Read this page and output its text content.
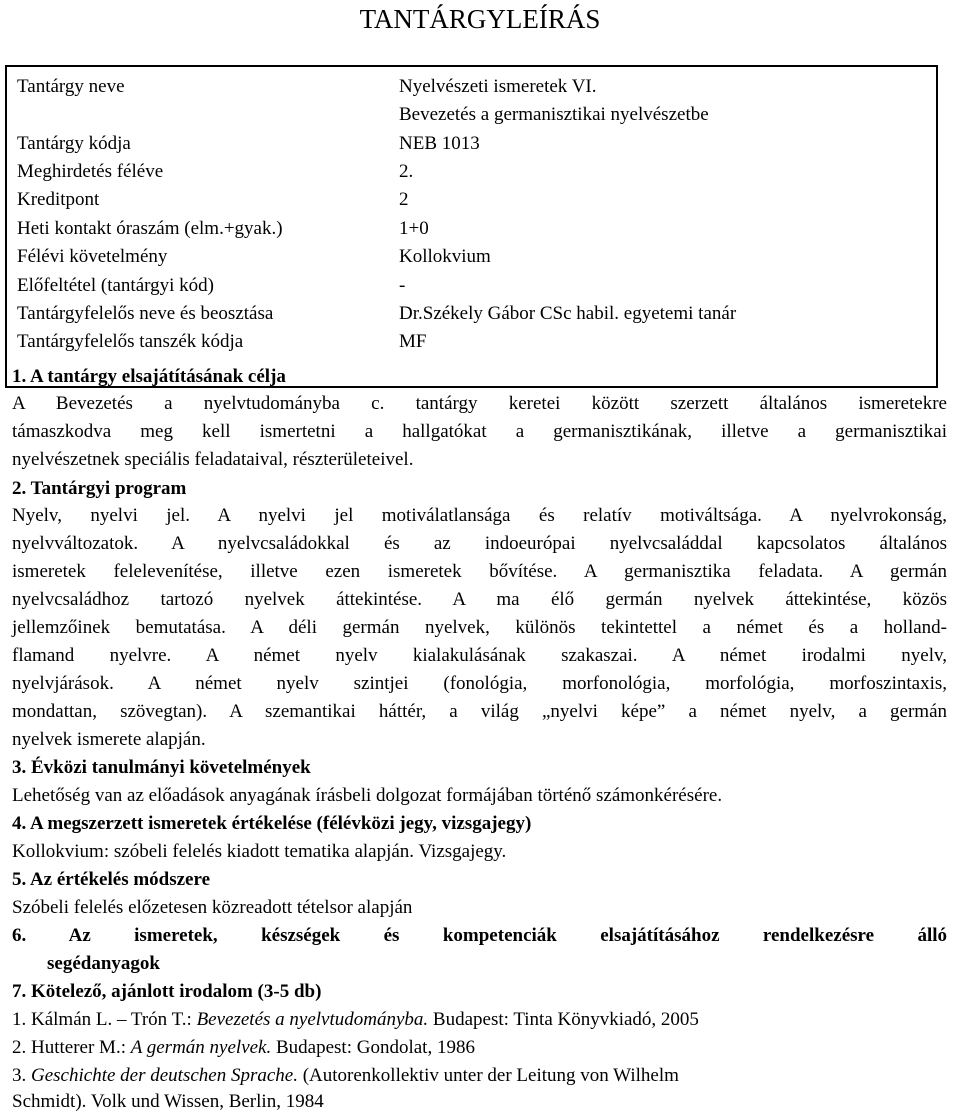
TANTÁRGYLEÍRÁS
Tantárgy neve	Nyelvészeti ismeretek VI.
Bevezetés a germanisztikai nyelvészetbe
Tantárgy kódja	NEB 1013
Meghirdetés féléve	2.
Kreditpont	2
Heti kontakt óraszám (elm.+gyak.)	1+0
Félévi követelmény	Kollokvium
Előfeltétel (tantárgyi kód)	-
Tantárgyfelelős neve és beosztása	Dr.Székely Gábor CSc habil. egyetemi tanár
Tantárgyfelelős tanszék kódja	MF
1. A tantárgy elsajátításának célja
A Bevezetés a nyelvtudományba c. tantárgy keretei között szerzett általános ismeretekre
támaszkodva meg kell ismertetni a hallgatókat a germanisztikának, illetve a germanisztikai
nyelvészetnek speciális feladataival, részterületeivel.
2. Tantárgyi program
Nyelv, nyelvi jel. A nyelvi jel motiválatlansága és relatív motiváltsága. A nyelvrokonság,
nyelvváltozatok. A nyelvcsaládokkal és az indoeurópai nyelvcsaláddal kapcsolatos általános
ismeretek felelevenítése, illetve ezen ismeretek bővítése. A germanisztika feladata. A germán
nyelvcsaládhoz tartozó nyelvek áttekintése. A ma élő germán nyelvek áttekintése, közös
jellemzőinek bemutatása. A déli germán nyelvek, különös tekintettel a német és a holland-
flamand nyelvre. A német nyelv kialakulásának szakaszai. A német irodalmi nyelv,
nyelvjárások. A német nyelv szintjei (fonológia, morfonológia, morfológia, morfoszintaxis,
mondattan, szövegtan). A szemantikai háttér, a világ „nyelvi képe” a német nyelv, a germán
nyelvek ismerete alapján.
3. Évközi tanulmányi követelmények
Lehetőség van az előadások anyagának írásbeli dolgozat formájában történő számonkérésére.
4. A megszerzett ismeretek értékelése (félévközi jegy, vizsgajegy)
Kollokvium: szóbeli felelés kiadott tematika alapján. Vizsgajegy.
5. Az értékelés módszere
Szóbeli felelés előzetesen közreadott tételsor alapján
6. Az ismeretek, készségek és kompetenciák elsajátításához rendelkezésre álló
segédanyagok
7. Kötelező, ajánlott irodalom (3-5 db)
1. Kálmán L. – Trón T.: Bevezetés a nyelvtudományba. Budapest: Tinta Könyvkiadó, 2005
2. Hutterer M.: A germán nyelvek. Budapest: Gondolat, 1986
3. Geschichte der deutschen Sprache. (Autorenkollektiv unter der Leitung von Wilhelm
Schmidt). Volk und Wissen, Berlin, 1984
